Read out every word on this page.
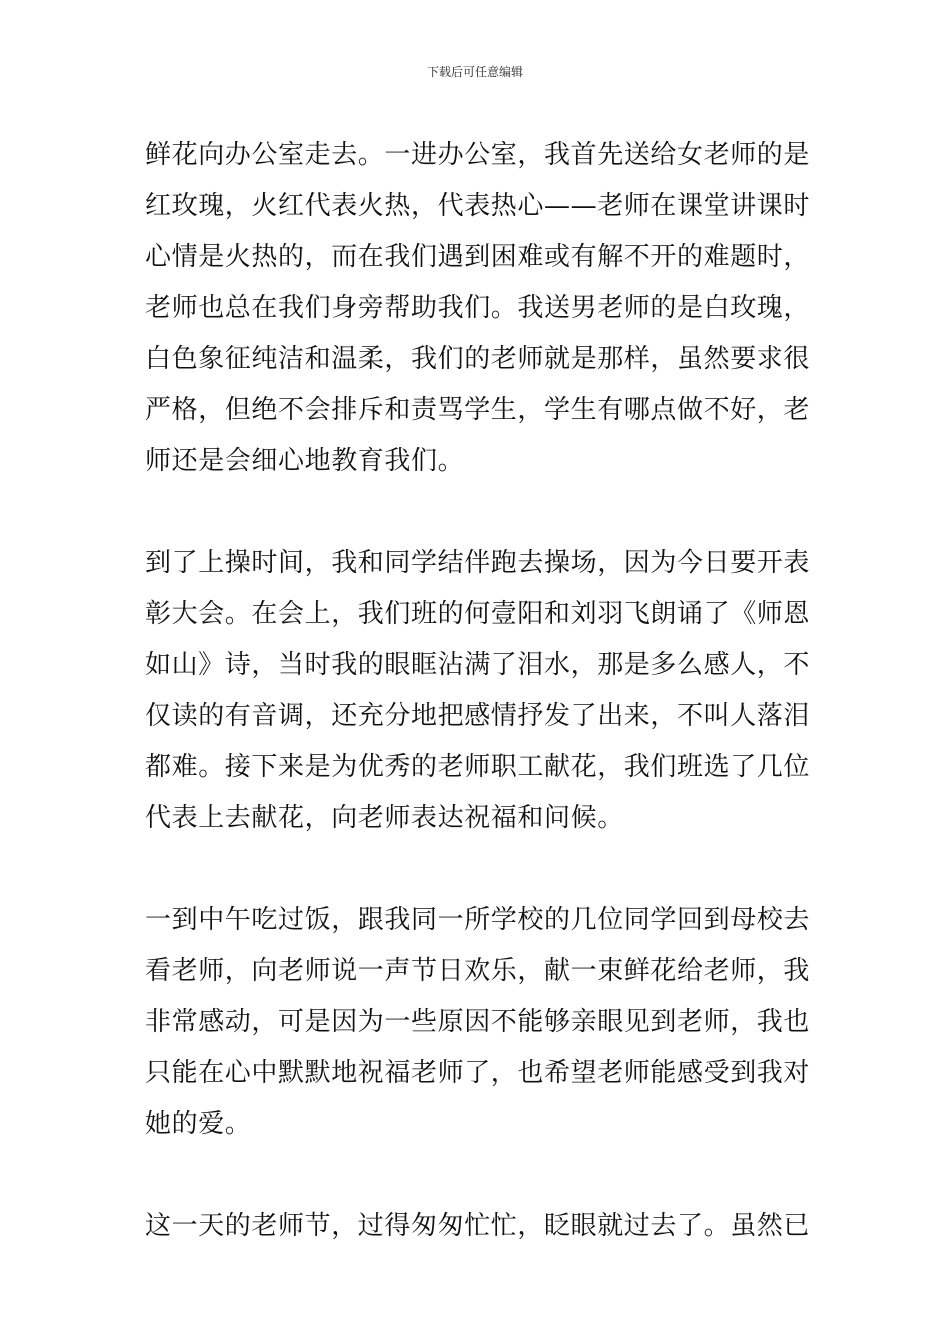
下载后可任意编辑
鲜花向办公室走去。一进办公室，我首先送给女老师的是
红玫瑰，火红代表火热，代表热心——老师在课堂讲课时
心情是火热的，而在我们遇到困难或有解不开的难题时，
老师也总在我们身旁帮助我们。我送男老师的是白玫瑰，
白色象征纯洁和温柔，我们的老师就是那样，虽然要求很
严格，但绝不会排斥和责骂学生，学生有哪点做不好，老
师还是会细心地教育我们。
到了上操时间，我和同学结伴跑去操场，因为今日要开表
彰大会。在会上，我们班的何壹阳和刘羽飞朗诵了《师恩
如山》诗，当时我的眼眶沾满了泪水，那是多么感人，不
仅读的有音调，还充分地把感情抒发了出来，不叫人落泪
都难。接下来是为优秀的老师职工献花，我们班选了几位
代表上去献花，向老师表达祝福和问候。
一到中午吃过饭，跟我同一所学校的几位同学回到母校去
看老师，向老师说一声节日欢乐，献一束鲜花给老师，我
非常感动，可是因为一些原因不能够亲眼见到老师，我也
只能在心中默默地祝福老师了，也希望老师能感受到我对
她的爱。
这一天的老师节，过得匆匆忙忙，眨眼就过去了。虽然已
